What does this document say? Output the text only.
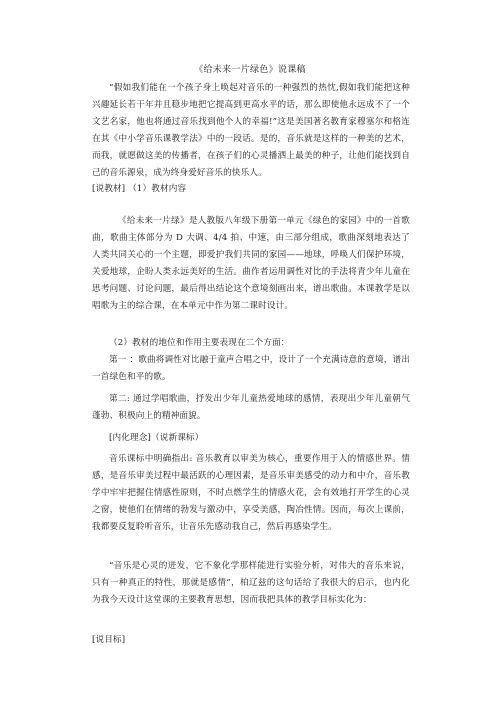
《给未来一片绿色》说课稿
“假如我们能在一个孩子身上唤起对音乐的一种强烈的热忱,假如我们能把这种兴趣延长若干年并且稳步地把它提高到更高水平的话，那么即使他永远成不了一个文艺名家，他也将通过音乐找到他个人的幸福!”这是美国著名教育家穆塞尔和格连在其《中小学音乐课教学法》中的一段话。是的，音乐就是这样的一种美的艺术，而我，就愿做这美的传播者，在孩子们的心灵播洒上最美的种子，让他们能找到自己的音乐源泉，成为终身爱好音乐的快乐人。
[说教材] （1）教材内容
《给未来一片绿》是人教版八年级下册第一单元《绿色的家园》中的一首歌曲，歌曲主体部分为 D 大调、4/4 拍、中速，由三部分组成，歌曲深刻地表达了人类共同关心的一个主题，即爱护我们共同的家园——地球，呼唤人们保护环境，关爱地球，企盼人类永远美好的生活。曲作者运用调性对比的手法将青少年儿童在思考问题、讨论问题，最后得出结论这个意境刻画出来，谱出歌曲。本课教学是以唱歌为主的综合课，在本单元中作为第二课时设计。
（2）教材的地位和作用主要表现在二个方面：
第一 ：歌曲将调性对比融于童声合唱之中，设计了一个充满诗意的意境，谱出一首绿色和平的歌。
第二: 通过学唱歌曲，抒发出少年儿童热爱地球的感情，表现出少年儿童朝气蓬勃、积极向上的精神面貌。
[内化理念]（说新课标）
音乐课标中明确指出: 音乐教育以审美为核心，重要作用于人的情感世界。情感，是音乐审美过程中最活跃的心理因素，是音乐审美感受的动力和中介，音乐教学中牢牢把握住情感性原则，不时点燃学生的情感火花，会有效地打开学生的心灵之窗，使他们在情绪的勃发与激动中，享受美感，陶冶性情。因而，每次上课前，我都要反复聆听音乐，让音乐先感动我自己，然后再感染学生。
“音乐是心灵的迸发，它不象化学那样能进行实验分析，对伟大的音乐来说，只有一种真正的特性，那就是感情”，柏辽兹的这句话给了我很大的启示，也内化为我今天设计这堂课的主要教育思想，因而我把具体的教学目标实化为：
[说目标]
